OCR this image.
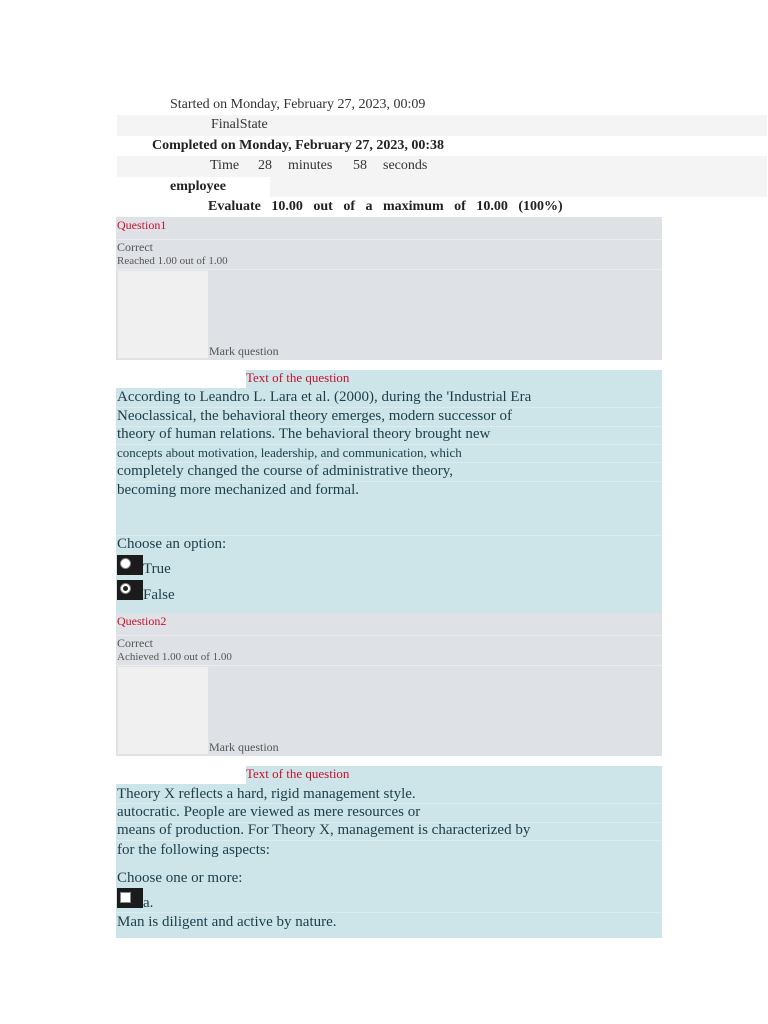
Started on Monday, February 27, 2023, 00:09
FinalState
Completed on Monday, February 27, 2023, 00:38
Time 28 minutes 58 seconds
employee
Evaluate 10.00 out of a maximum of 10.00 (100%)
Question1
Correct
Reached 1.00 out of 1.00
Mark question
Text of the question
According to Leandro L. Lara et al. (2000), during the 'Industrial Era
Neoclassical, the behavioral theory emerges, modern successor of
theory of human relations. The behavioral theory brought new
concepts about motivation, leadership, and communication, which
completely changed the course of administrative theory,
becoming more mechanized and formal.
Choose an option:
True
False
Question2
Correct
Achieved 1.00 out of 1.00
Mark question
Text of the question
Theory X reflects a hard, rigid management style.
autocratic. People are viewed as mere resources or
means of production. For Theory X, management is characterized by
for the following aspects:
Choose one or more:
a.
Man is diligent and active by nature.
